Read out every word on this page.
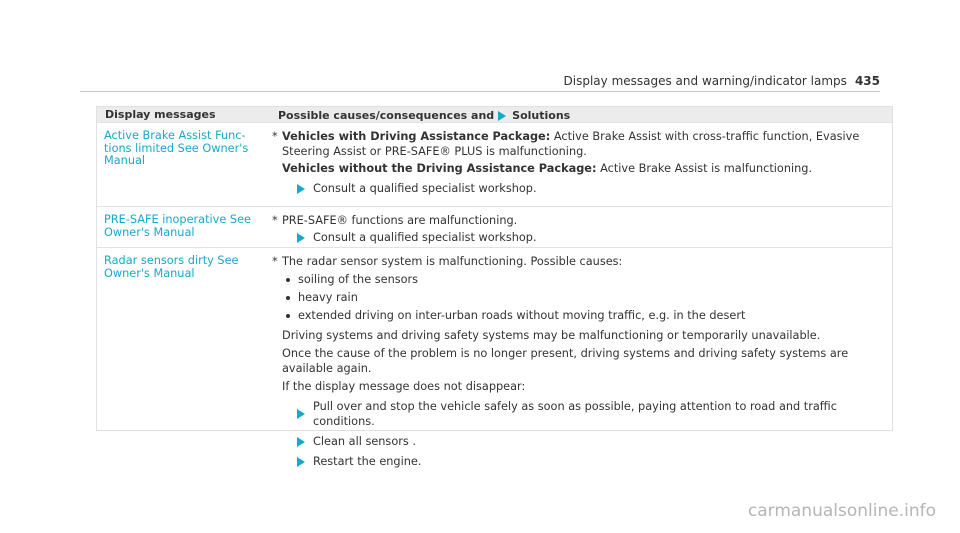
Display messages and warning/indicator lamps 435
Display messages	Possible causes/consequences and Solutions
Active Brake Assist Func- tions limited See Owner's Manual
* Vehicles with Driving Assistance Package: Active Brake Assist with cross-traffic function, Evasive Steering Assist or PRE-SAFE® PLUS is malfunctioning.
Vehicles without the Driving Assistance Package: Active Brake Assist is malfunctioning.
Consult a qualified specialist workshop.
PRE-SAFE inoperative See Owner's Manual
* PRE-SAFE® functions are malfunctioning.
Consult a qualified specialist workshop.
Radar sensors dirty See Owner's Manual
* The radar sensor system is malfunctioning. Possible causes:
soiling of the sensors
heavy rain
extended driving on inter-urban roads without moving traffic, e.g. in the desert
Driving systems and driving safety systems may be malfunctioning or temporarily unavailable.
Once the cause of the problem is no longer present, driving systems and driving safety systems are available again.
If the display message does not disappear:
Pull over and stop the vehicle safely as soon as possible, paying attention to road and traffic conditions.
Clean all sensors .
Restart the engine.
carmanualsonline.info
